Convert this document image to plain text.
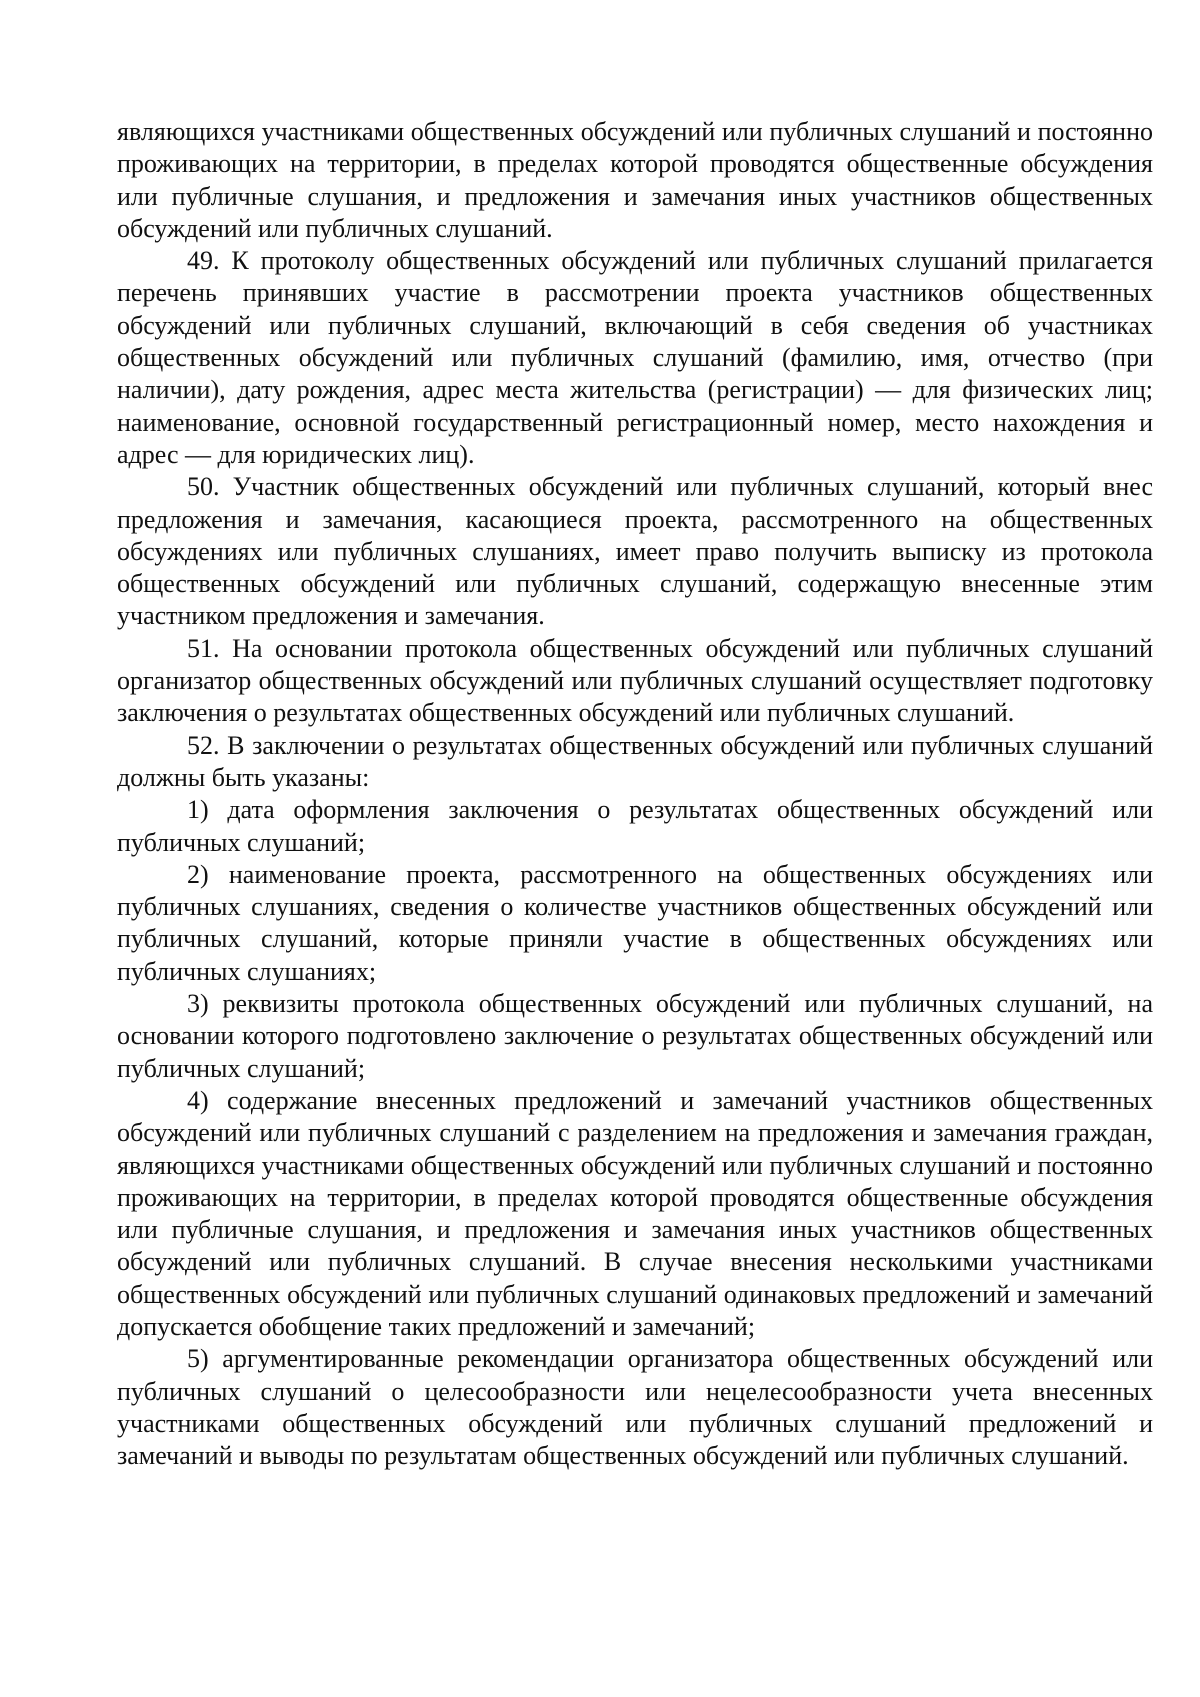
являющихся участниками общественных обсуждений или публичных слушаний и постоянно проживающих на территории, в пределах которой проводятся общественные обсуждения или публичные слушания, и предложения и замечания иных участников общественных обсуждений или публичных слушаний.

49. К протоколу общественных обсуждений или публичных слушаний прилагается перечень принявших участие в рассмотрении проекта участников общественных обсуждений или публичных слушаний, включающий в себя сведения об участниках общественных обсуждений или публичных слушаний (фамилию, имя, отчество (при наличии), дату рождения, адрес места жительства (регистрации) — для физических лиц; наименование, основной государственный регистрационный номер, место нахождения и адрес — для юридических лиц).

50. Участник общественных обсуждений или публичных слушаний, который внес предложения и замечания, касающиеся проекта, рассмотренного на общественных обсуждениях или публичных слушаниях, имеет право получить выписку из протокола общественных обсуждений или публичных слушаний, содержащую внесенные этим участником предложения и замечания.

51. На основании протокола общественных обсуждений или публичных слушаний организатор общественных обсуждений или публичных слушаний осуществляет подготовку заключения о результатах общественных обсуждений или публичных слушаний.

52. В заключении о результатах общественных обсуждений или публичных слушаний должны быть указаны:

1) дата оформления заключения о результатах общественных обсуждений или публичных слушаний;

2) наименование проекта, рассмотренного на общественных обсуждениях или публичных слушаниях, сведения о количестве участников общественных обсуждений или публичных слушаний, которые приняли участие в общественных обсуждениях или публичных слушаниях;

3) реквизиты протокола общественных обсуждений или публичных слушаний, на основании которого подготовлено заключение о результатах общественных обсуждений или публичных слушаний;

4) содержание внесенных предложений и замечаний участников общественных обсуждений или публичных слушаний с разделением на предложения и замечания граждан, являющихся участниками общественных обсуждений или публичных слушаний и постоянно проживающих на территории, в пределах которой проводятся общественные обсуждения или публичные слушания, и предложения и замечания иных участников общественных обсуждений или публичных слушаний. В случае внесения несколькими участниками общественных обсуждений или публичных слушаний одинаковых предложений и замечаний допускается обобщение таких предложений и замечаний;

5) аргументированные рекомендации организатора общественных обсуждений или публичных слушаний о целесообразности или нецелесообразности учета внесенных участниками общественных обсуждений или публичных слушаний предложений и замечаний и выводы по результатам общественных обсуждений или публичных слушаний.
